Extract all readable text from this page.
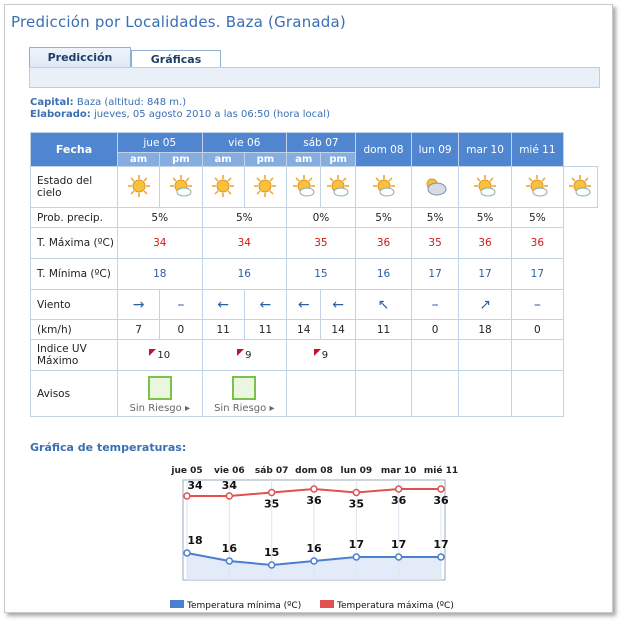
Predicción por Localidades. Baza (Granada)
Predicción	Gráficas
Capital: Baza (altitud: 848 m.)
Elaborado: jueves, 05 agosto 2010 a las 06:50 (hora local)
Fecha	jue 05		vie 06		sáb 07		dom 08	lun 09	mar 10	mié 11	
	am	pm	am	pm	am	pm					
Estado del cielo											
Prob. precip.	5%		5%		0%		5%	5%	5%	5%	
T. Máxima (ºC)	34		34		35		36	35	36	36	
T. Mínima (ºC)	18		16		15		16	17	17	17	
Viento	→	–	←	←	←	←	↖	–	↗	–	
(km/h)	7	0	11	11	14	14	11	0	18	0	
Indice UV Máximo	10		9		9						
Avisos	Sin Riesgo ▸		Sin Riesgo ▸								

Gráfica de temperaturas:
jue 05 vie 06 sáb 07 dom 08 lun 09 mar 10 mié 11
34 34
35 36 35 36 36
18
16 15 16 17 17 17
Temperatura mínima (ºC)	Temperatura máxima (ºC)
